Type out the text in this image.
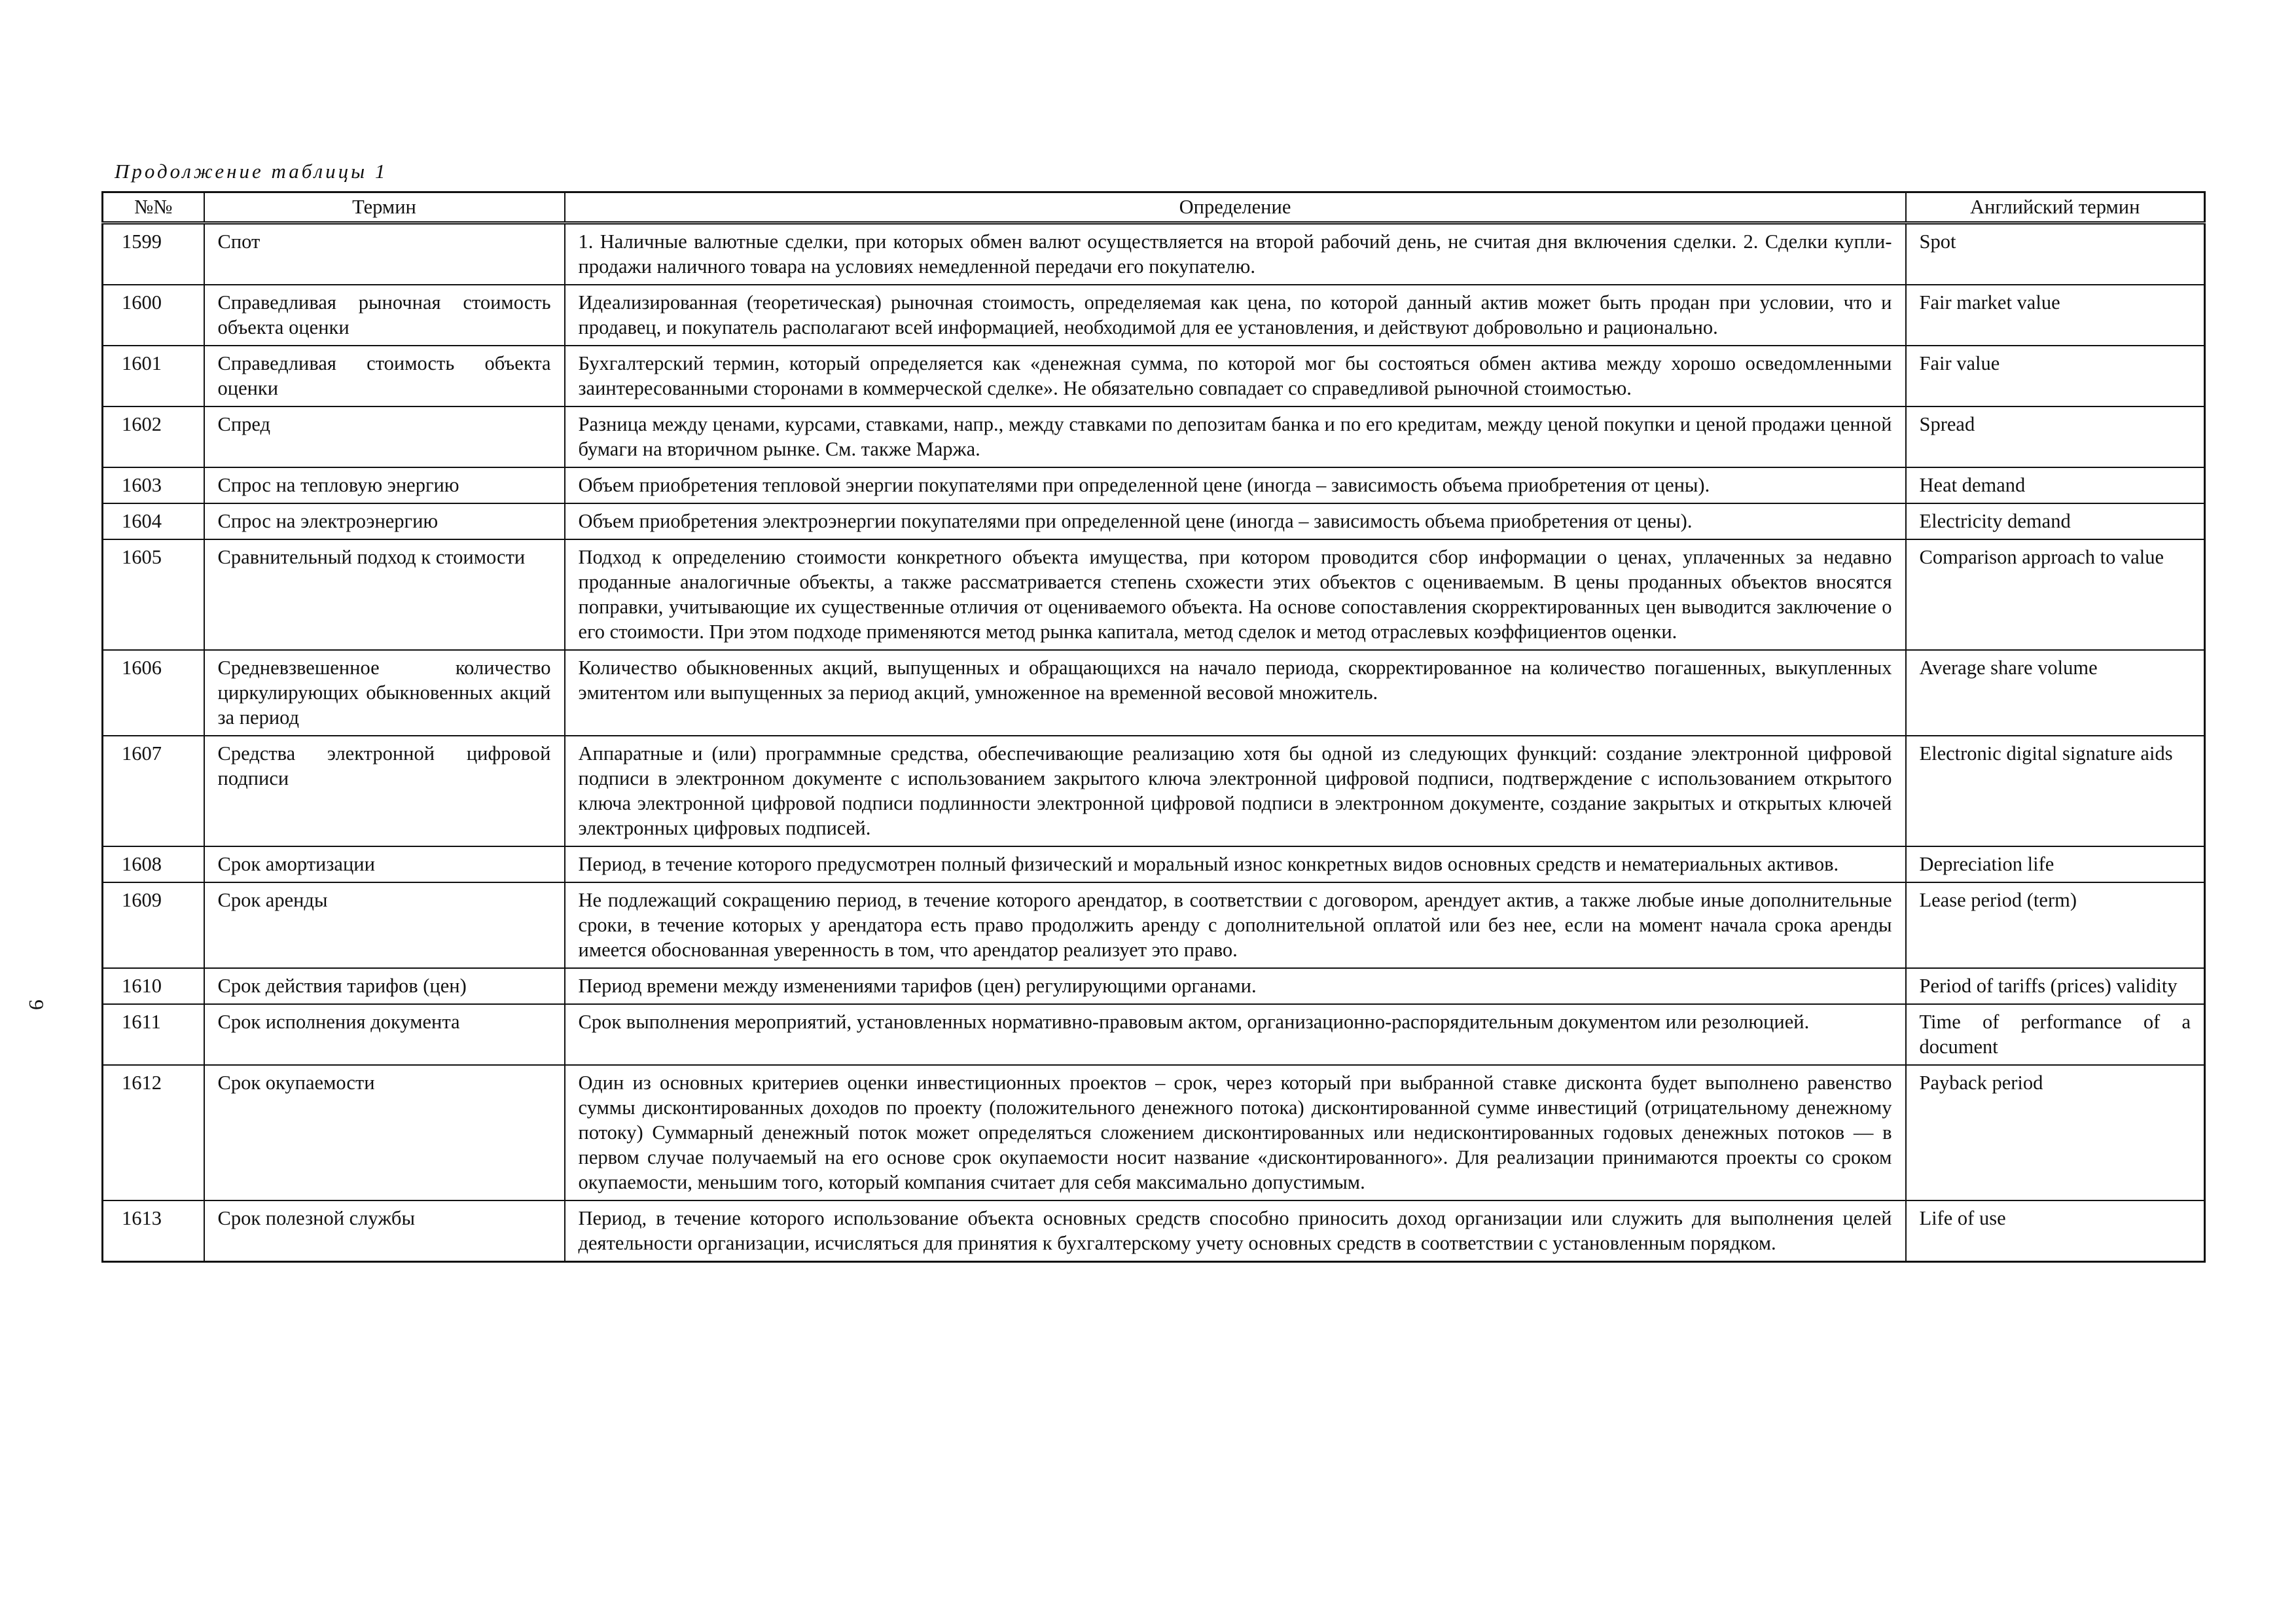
Продолжение таблицы 1
9
№№	Термин	Определение	Английский термин
1599	Спот	1. Наличные валютные сделки, при которых обмен валют осуществляется на второй рабочий день, не считая дня включения сделки. 2. Сделки купли-продажи наличного товара на условиях немедленной передачи его покупателю.	Spot
1600	Справедливая рыночная стоимость объекта оценки	Идеализированная (теоретическая) рыночная стоимость, определяемая как цена, по которой данный актив может быть продан при условии, что и продавец, и покупатель располагают всей информацией, необходимой для ее установления, и действуют добровольно и рационально.	Fair market value
1601	Справедливая стоимость объекта оценки	Бухгалтерский термин, который определяется как «денежная сумма, по которой мог бы состояться обмен актива между хорошо осведомленными заинтересованными сторонами в коммерческой сделке». Не обязательно совпадает со справедливой рыночной стоимостью.	Fair value
1602	Спред	Разница между ценами, курсами, ставками, напр., между ставками по депозитам банка и по его кредитам, между ценой покупки и ценой продажи ценной бумаги на вторичном рынке. См. также Маржа.	Spread
1603	Спрос на тепловую энергию	Объем приобретения тепловой энергии покупателями при определенной цене (иногда – зависимость объема приобретения от цены).	Heat demand
1604	Спрос на электроэнергию	Объем приобретения электроэнергии покупателями при определенной цене (иногда – зависимость объема приобретения от цены).	Electricity demand
1605	Сравнительный подход к стоимости	Подход к определению стоимости конкретного объекта имущества, при котором проводится сбор информации о ценах, уплаченных за недавно проданные аналогичные объекты, а также рассматривается степень схожести этих объектов с оцениваемым. В цены проданных объектов вносятся поправки, учитывающие их существенные отличия от оцениваемого объекта. На основе сопоставления скорректированных цен выводится заключение о его стоимости. При этом подходе применяются метод рынка капитала, метод сделок и метод отраслевых коэффициентов оценки.	Comparison approach to value
1606	Средневзвешенное количество циркулирующих обыкновенных акций за период	Количество обыкновенных акций, выпущенных и обращающихся на начало периода, скорректированное на количество погашенных, выкупленных эмитентом или выпущенных за период акций, умноженное на временной весовой множитель.	Average share volume
1607	Средства электронной цифровой подписи	Аппаратные и (или) программные средства, обеспечивающие реализацию хотя бы одной из следующих функций: создание электронной цифровой подписи в электронном документе с использованием закрытого ключа электронной цифровой подписи, подтверждение с использованием открытого ключа электронной цифровой подписи подлинности электронной цифровой подписи в электронном документе, создание закрытых и открытых ключей электронных цифровых подписей.	Electronic digital signature aids
1608	Срок амортизации	Период, в течение которого предусмотрен полный физический и моральный износ конкретных видов основных средств и нематериальных активов.	Depreciation life
1609	Срок аренды	Не подлежащий сокращению период, в течение которого арендатор, в соответствии с договором, арендует актив, а также любые иные дополнительные сроки, в течение которых у арендатора есть право продолжить аренду с дополнительной оплатой или без нее, если на момент начала срока аренды имеется обоснованная уверенность в том, что арендатор реализует это право.	Lease period (term)
1610	Срок действия тарифов (цен)	Период времени между изменениями тарифов (цен) регулирующими органами.	Period of tariffs (prices) validity
1611	Срок исполнения документа	Срок выполнения мероприятий, установленных нормативно-правовым актом, организационно-распорядительным документом или резолюцией.	Time of performance of a document
1612	Срок окупаемости	Один из основных критериев оценки инвестиционных проектов – срок, через который при выбранной ставке дисконта будет выполнено равенство суммы дисконтированных доходов по проекту (положительного денежного потока) дисконтированной сумме инвестиций (отрицательному денежному потоку) Суммарный денежный поток может определяться сложением дисконтированных или недисконтированных годовых денежных потоков — в первом случае получаемый на его основе срок окупаемости носит название «дисконтированного». Для реализации принимаются проекты со сроком окупаемости, меньшим того, который компания считает для себя максимально допустимым.	Payback period
1613	Срок полезной службы	Период, в течение которого использование объекта основных средств способно приносить доход организации или служить для выполнения целей деятельности организации, исчисляться для принятия к бухгалтерскому учету основных средств в соответствии с установленным порядком.	Life of use
